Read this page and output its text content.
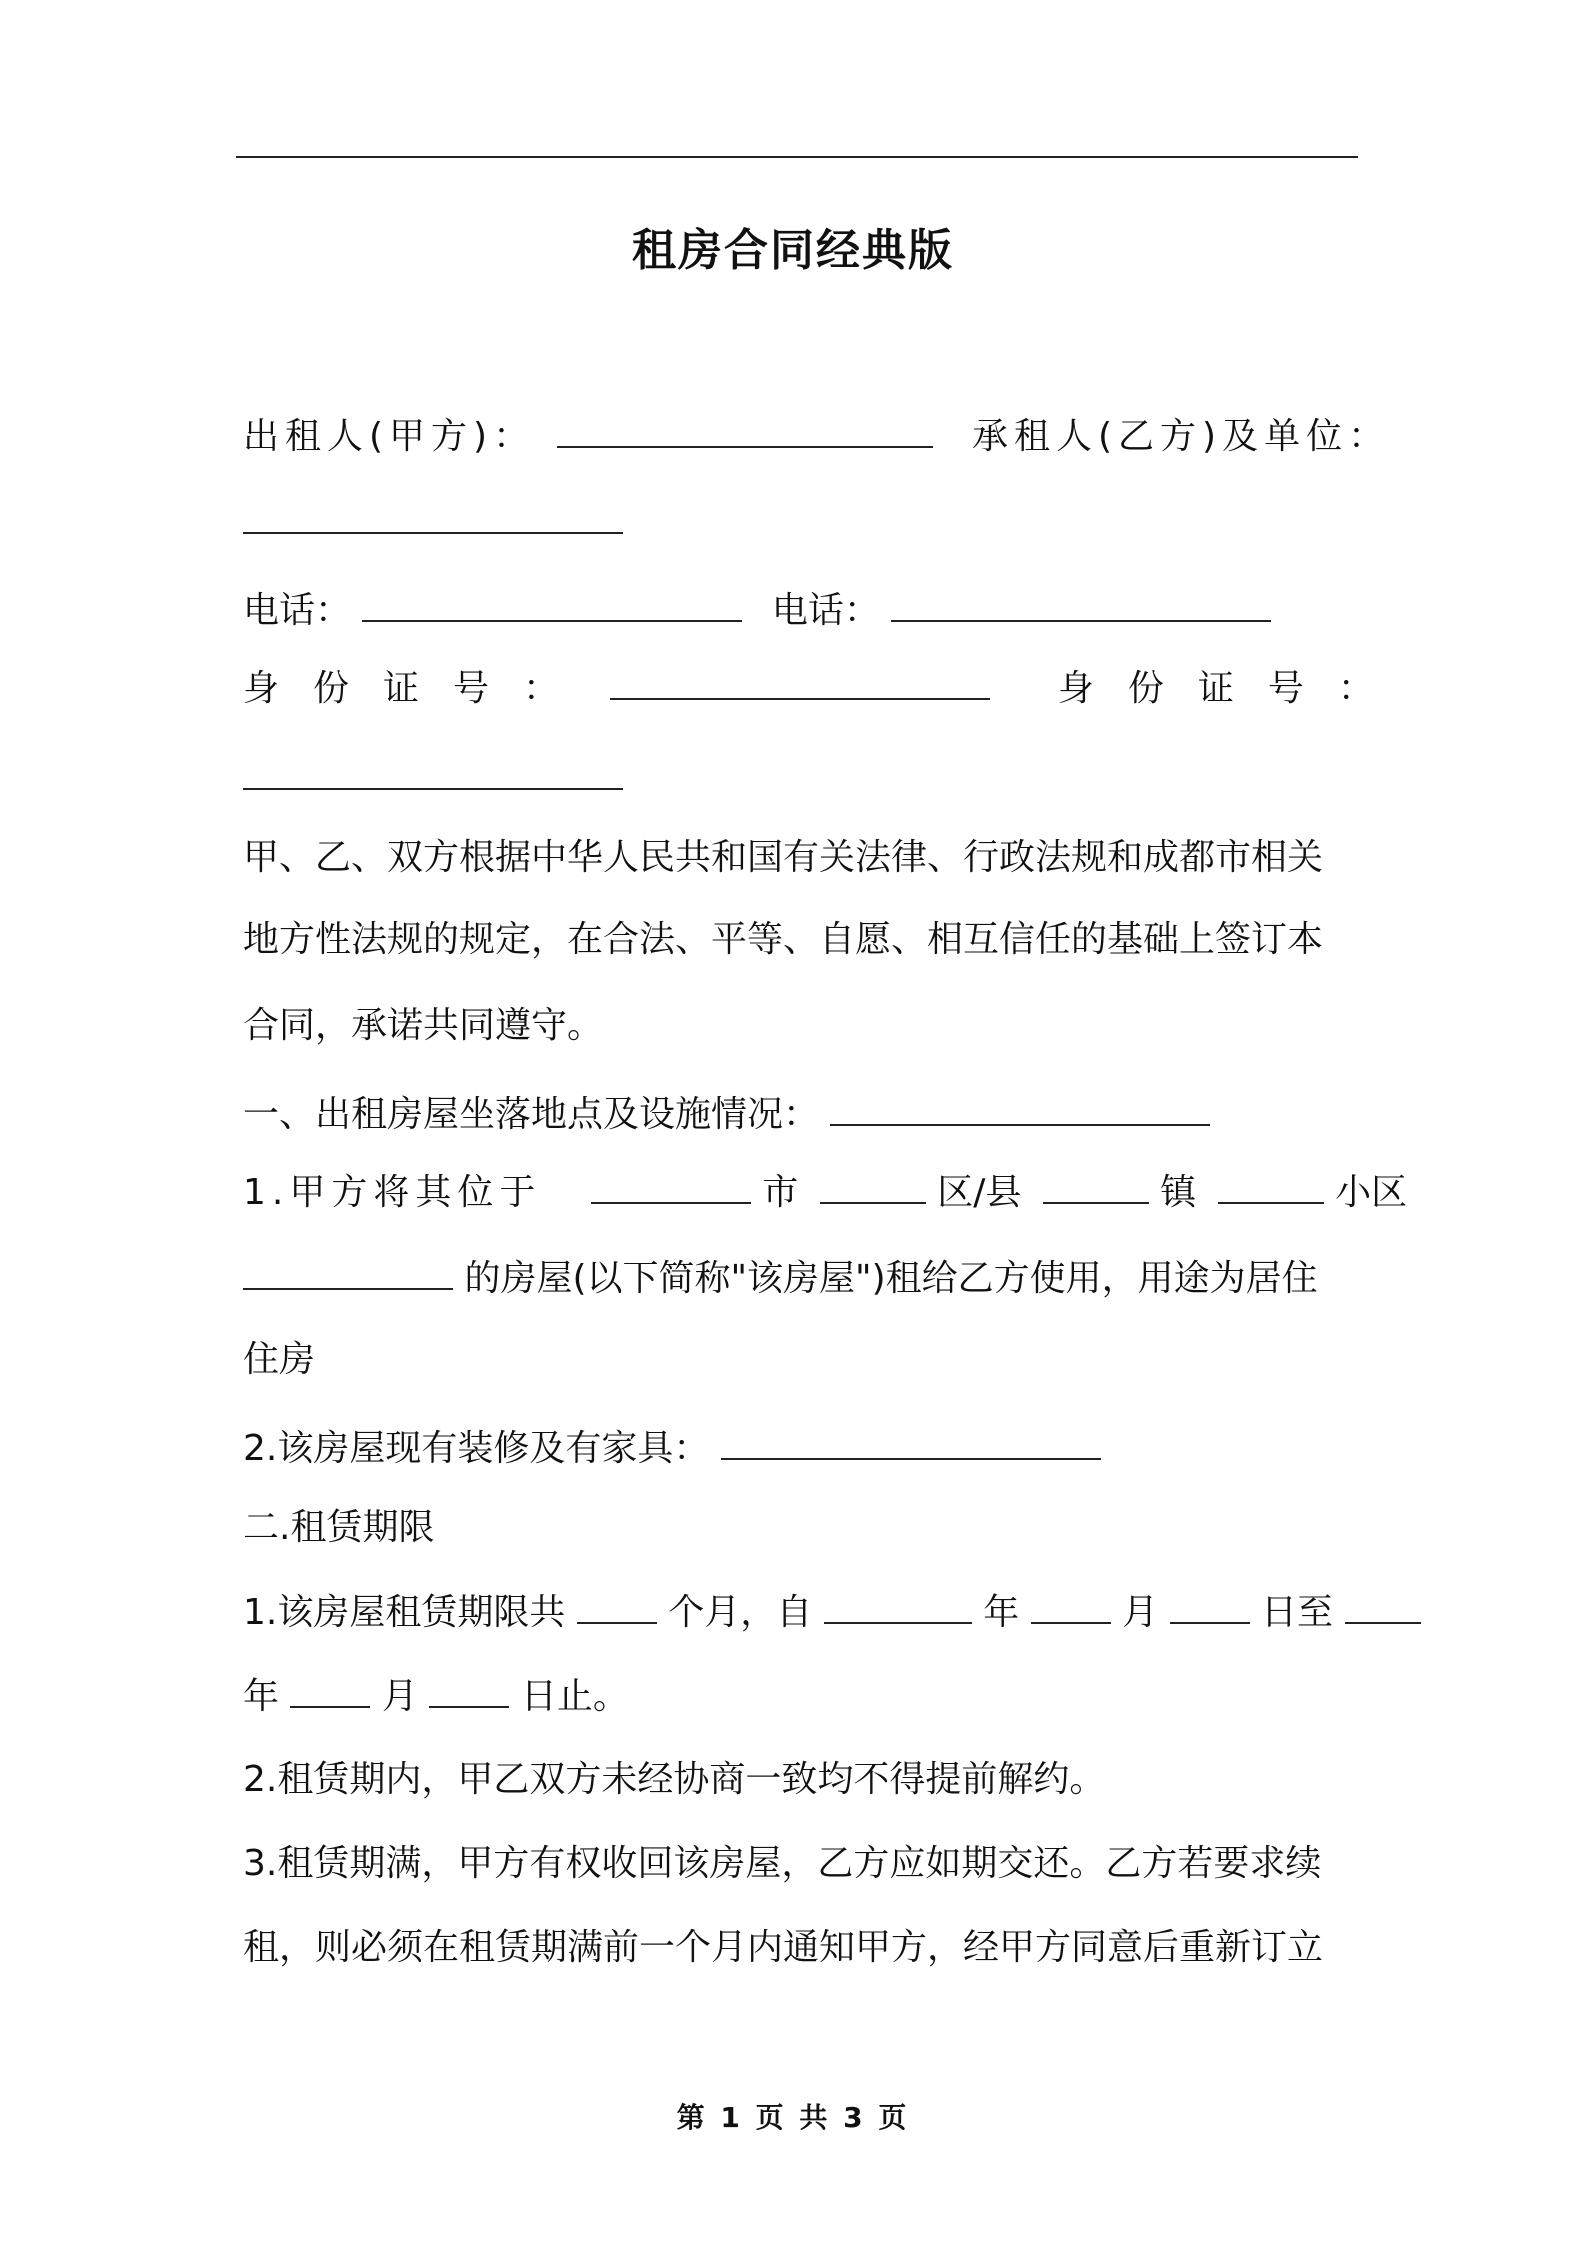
租房合同经典版
出租人(甲方)：	承租人(乙方)及单位：
电话：	电话：
身份证号：	身份证号：
甲、乙、双方根据中华人民共和国有关法律、行政法规和成都市相关
地方性法规的规定，在合法、平等、自愿、相互信任的基础上签订本
合同，承诺共同遵守。
一、出租房屋坐落地点及设施情况：
1.甲方将其位于	市	区/县	镇	小区
的房屋(以下简称"该房屋")租给乙方使用，用途为居住
住房
2.该房屋现有装修及有家具：
二.租赁期限
1.该房屋租赁期限共	个月，自	年	月	日至
年	月	日止。
2.租赁期内，甲乙双方未经协商一致均不得提前解约。
3.租赁期满，甲方有权收回该房屋，乙方应如期交还。乙方若要求续
租，则必须在租赁期满前一个月内通知甲方，经甲方同意后重新订立
第 1 页 共 3 页
